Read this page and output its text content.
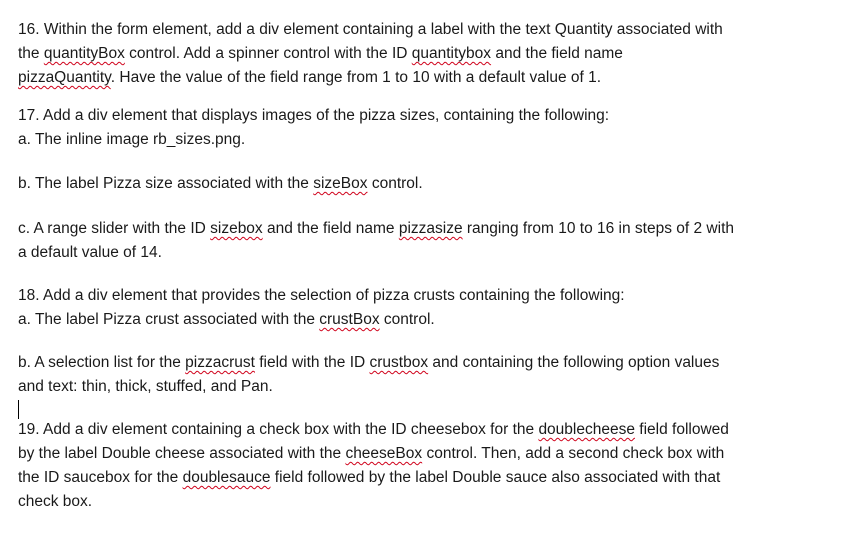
16. Within the form element, add a div element containing a label with the text Quantity associated with
the quantityBox control. Add a spinner control with the ID quantitybox and the field name
pizzaQuantity. Have the value of the field range from 1 to 10 with a default value of 1.

17. Add a div element that displays images of the pizza sizes, containing the following:
a. The inline image rb_sizes.png.

b. The label Pizza size associated with the sizeBox control.

c. A range slider with the ID sizebox and the field name pizzasize ranging from 10 to 16 in steps of 2 with
a default value of 14.

18. Add a div element that provides the selection of pizza crusts containing the following:
a. The label Pizza crust associated with the crustBox control.

b. A selection list for the pizzacrust field with the ID crustbox and containing the following option values
and text: thin, thick, stuffed, and Pan.

19. Add a div element containing a check box with the ID cheesebox for the doublecheese field followed
by the label Double cheese associated with the cheeseBox control. Then, add a second check box with
the ID saucebox for the doublesauce field followed by the label Double sauce also associated with that
check box.
